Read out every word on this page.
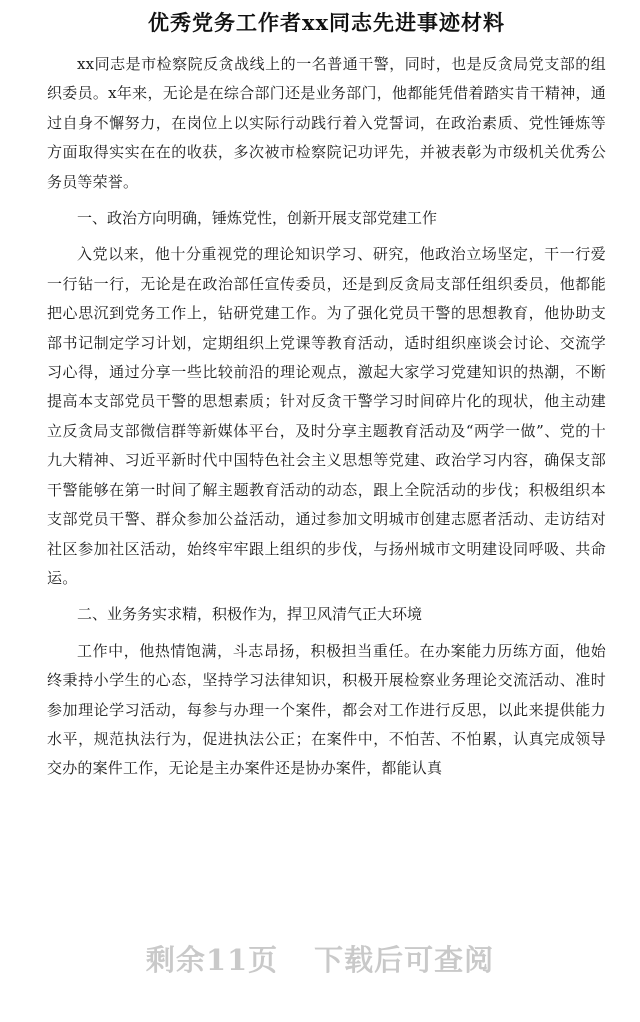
优秀党务工作者xx同志先进事迹材料

xx同志是市检察院反贪战线上的一名普通干警，同时，也是反贪局党支部的组织委员。x年来，无论是在综合部门还是业务部门，他都能凭借着踏实肯干精神，通过自身不懈努力，在岗位上以实际行动践行着入党誓词，在政治素质、党性锤炼等方面取得实实在在的收获，多次被市检察院记功评先，并被表彰为市级机关优秀公务员等荣誉。

一、政治方向明确，锤炼党性，创新开展支部党建工作

入党以来，他十分重视党的理论知识学习、研究，他政治立场坚定，干一行爱一行钻一行，无论是在政治部任宣传委员，还是到反贪局支部任组织委员，他都能把心思沉到党务工作上，钻研党建工作。为了强化党员干警的思想教育，他协助支部书记制定学习计划，定期组织上党课等教育活动，适时组织座谈会讨论、交流学习心得，通过分享一些比较前沿的理论观点，激起大家学习党建知识的热潮，不断提高本支部党员干警的思想素质；针对反贪干警学习时间碎片化的现状，他主动建立反贪局支部微信群等新媒体平台，及时分享主题教育活动及“两学一做”、党的十九大精神、习近平新时代中国特色社会主义思想等党建、政治学习内容，确保支部干警能够在第一时间了解主题教育活动的动态，跟上全院活动的步伐；积极组织本支部党员干警、群众参加公益活动，通过参加文明城市创建志愿者活动、走访结对社区参加社区活动，始终牢牢跟上组织的步伐，与扬州城市文明建设同呼吸、共命运。

二、业务务实求精，积极作为，捍卫风清气正大环境

工作中，他热情饱满，斗志昂扬，积极担当重任。在办案能力历练方面，他始终秉持小学生的心态，坚持学习法律知识，积极开展检察业务理论交流活动、准时参加理论学习活动，每参与办理一个案件，都会对工作进行反思，以此来提供能力水平，规范执法行为，促进执法公正；在案件中，不怕苦、不怕累，认真完成领导交办的案件工作，无论是主办案件还是协办案件，都能认真

剩余11页 下载后可查阅
